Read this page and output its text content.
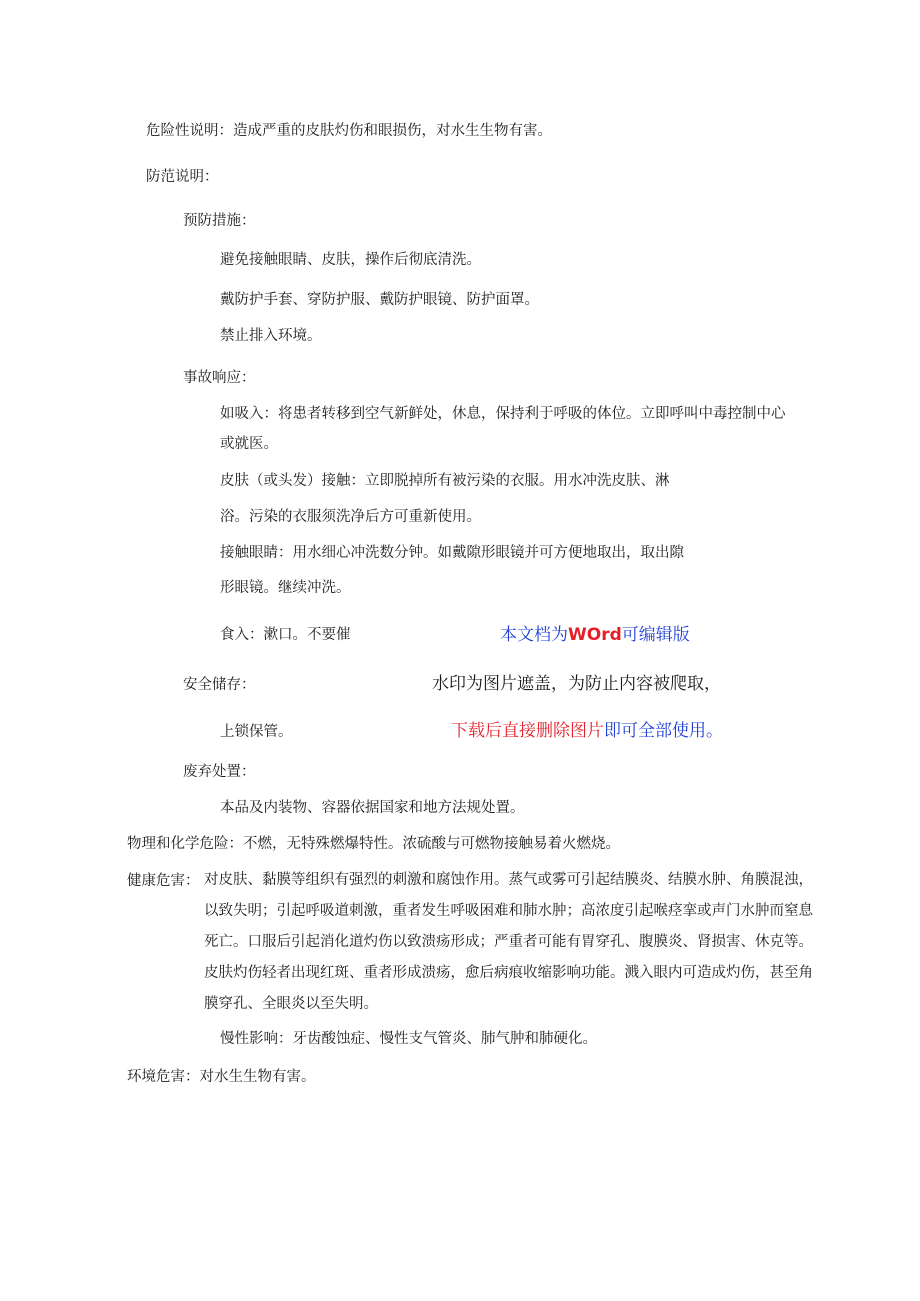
危险性说明：造成严重的皮肤灼伤和眼损伤，对水生生物有害。
防范说明：
预防措施：
避免接触眼睛、皮肤，操作后彻底清洗。
戴防护手套、穿防护服、戴防护眼镜、防护面罩。
禁止排入环境。
事故响应：
如吸入：将患者转移到空气新鲜处，休息，保持利于呼吸的体位。立即呼叫中毒控制中心
或就医。
皮肤（或头发）接触：立即脱掉所有被污染的衣服。用水冲洗皮肤、淋
浴。污染的衣服须洗净后方可重新使用。
接触眼睛：用水细心冲洗数分钟。如戴隙形眼镜并可方便地取出，取出隙
形眼镜。继续冲洗。
食入：漱口。不要催
安全储存：
上锁保管。
废弃处置：
本品及内装物、容器依据国家和地方法规处置。
物理和化学危险：不燃，无特殊燃爆特性。浓硫酸与可燃物接触易着火燃烧。
健康危害： 对皮肤、黏膜等组织有强烈的刺激和腐蚀作用。蒸气或雾可引起结膜炎、结膜水肿、角膜混浊，以致失明；引起呼吸道刺激，重者发生呼吸困难和肺水肿；高浓度引起喉痉挛或声门水肿而窒息死亡。口服后引起消化道灼伤以致溃疡形成；严重者可能有胃穿孔、腹膜炎、肾损害、休克等。皮肤灼伤轻者出现红斑、重者形成溃疡，愈后病痕收缩影响功能。溅入眼内可造成灼伤，甚至角膜穿孔、全眼炎以至失明。
慢性影响：牙齿酸蚀症、慢性支气管炎、肺气肿和肺硬化。
环境危害：对水生生物有害。
本文档为WOrd可编辑版
水印为图片遮盖，为防止内容被爬取，
下载后直接删除图片即可全部使用。
